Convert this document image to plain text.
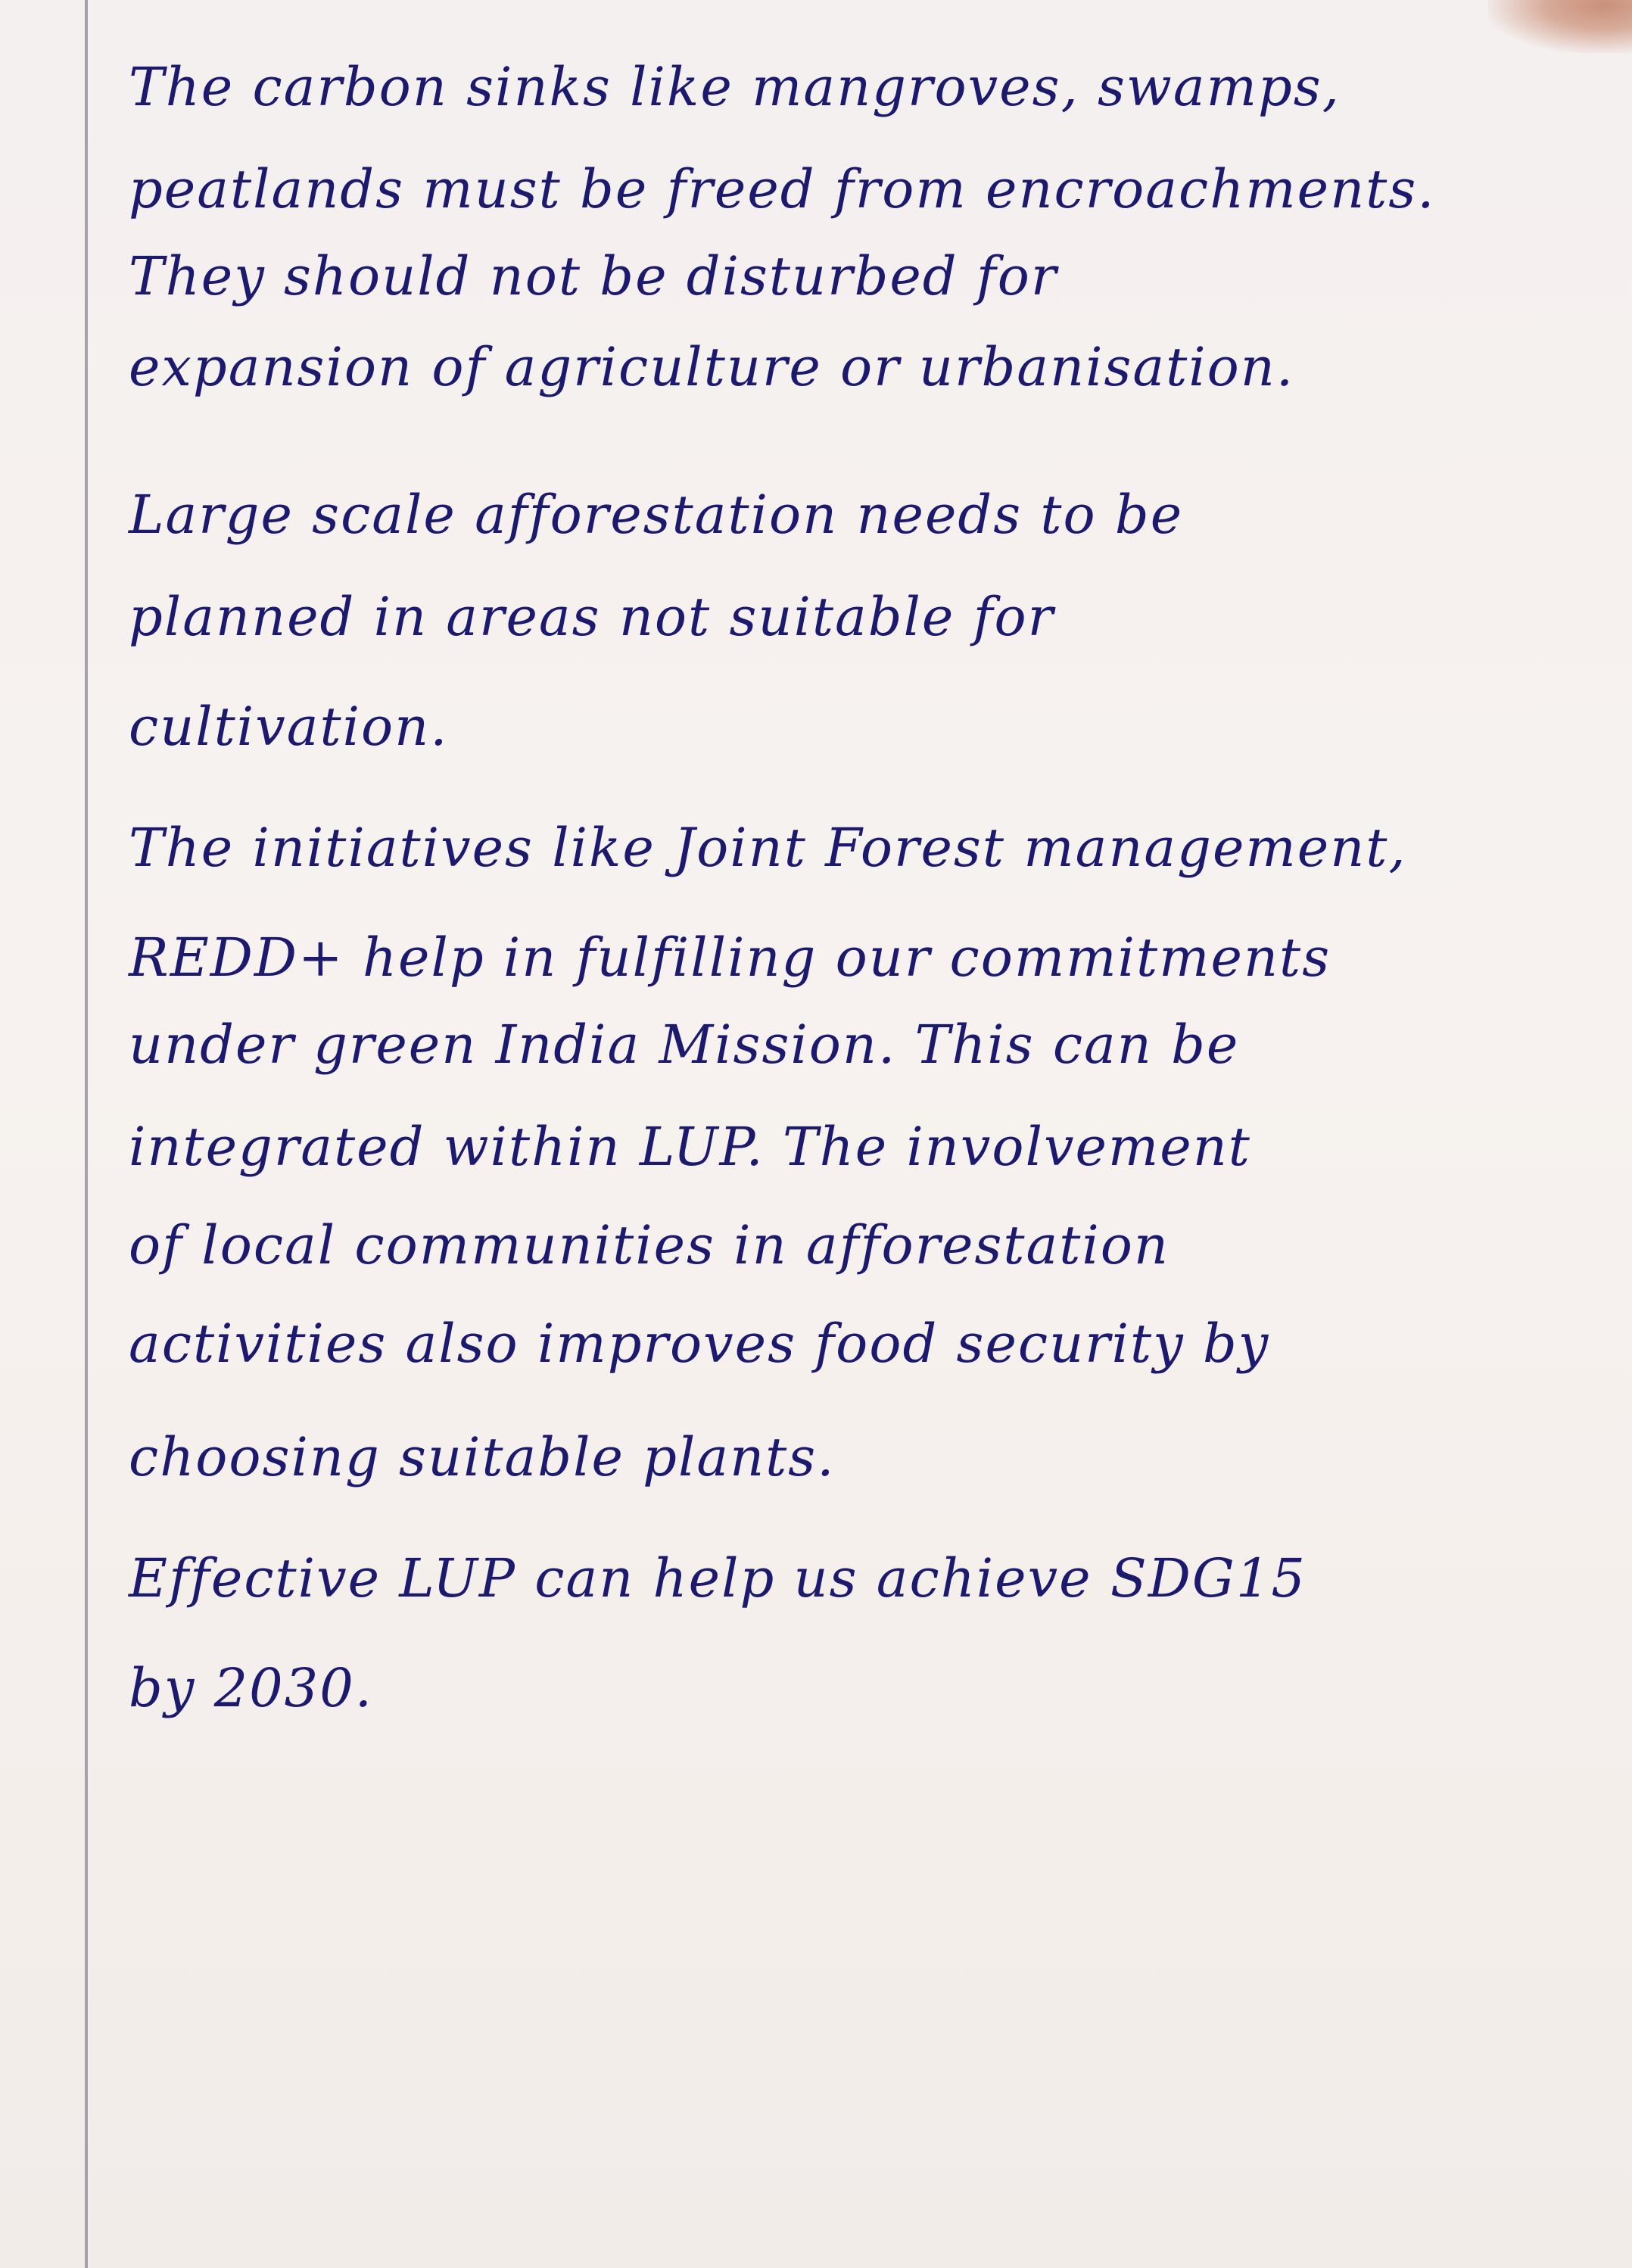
The carbon sinks like mangroves, swamps,
peatlands must be freed from encroachments.
They should not be disturbed for
expansion of agriculture or urbanisation.
Large scale afforestation needs to be
planned in areas not suitable for
cultivation.
The initiatives like Joint Forest management,
REDD+ help in fulfilling our commitments
under green India Mission. This can be
integrated within LUP. The involvement
of local communities in afforestation
activities also improves food security by
choosing suitable plants.
Effective LUP can help us achieve SDG15
by 2030.
